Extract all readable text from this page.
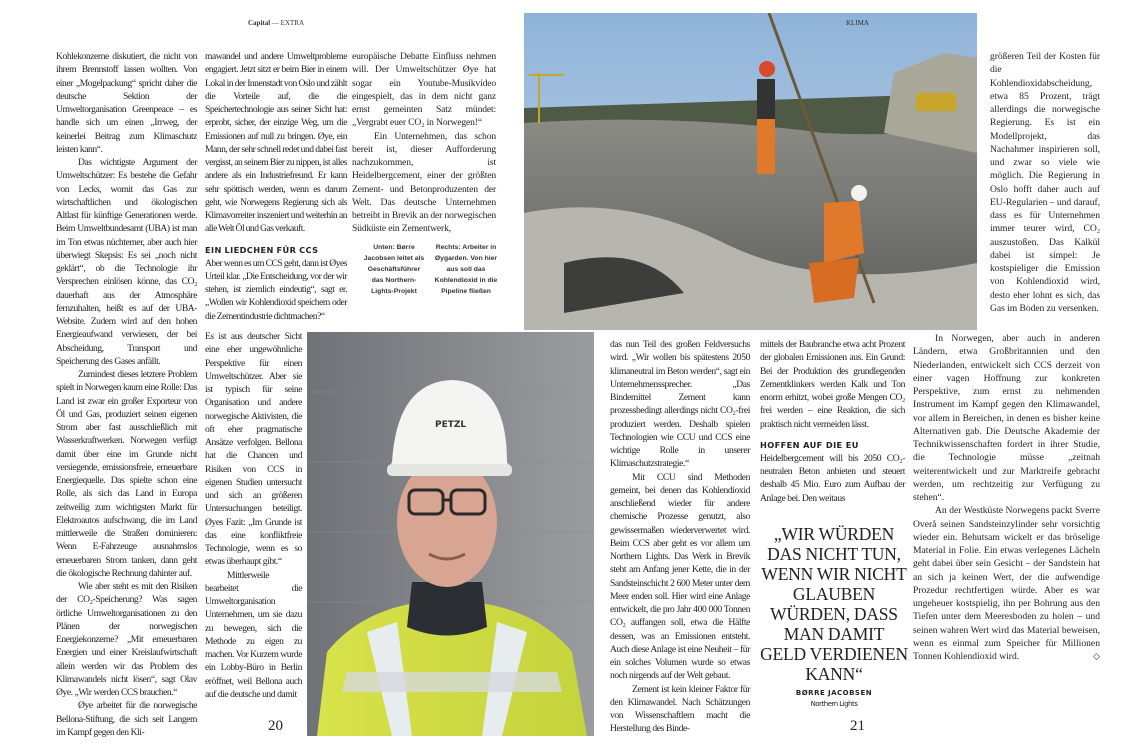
Capital — EXTRA	KLIMA

Kohlekonzerne diskutiert, die nicht von ihrem Brennstoff lassen wollten. Von einer „Mogelpackung“ spricht daher die deutsche Sektion der Umweltorganisation Greenpeace – es handle sich um einen „Irrweg, der keinerlei Beitrag zum Klimaschutz leisten kann“.

Das wichtigste Argument der Umweltschützer: Es bestehe die Gefahr von Lecks, womit das Gas zur wirtschaftlichen und ökologischen Altlast für künftige Generationen werde. Beim Umweltbundesamt (UBA) ist man im Ton etwas nüchterner, aber auch hier überwiegt Skepsis: Es sei „noch nicht geklärt“, ob die Technologie ihr Versprechen einlösen könne, das CO₂ dauerhaft aus der Atmosphäre fernzuhalten, heißt es auf der UBA-Website. Zudem wird auf den hohen Energieaufwand verwiesen, der bei Abscheidung, Transport und Speicherung des Gases anfällt.

Zumindest dieses letztere Problem spielt in Norwegen kaum eine Rolle: Das Land ist zwar ein großer Exporteur von Öl und Gas, produziert seinen eigenen Strom aber fast ausschließlich mit Wasserkraftwerken. Norwegen verfügt damit über eine im Grunde nicht versiegende, emissionsfreie, erneuerbare Energiequelle. Das spielte schon eine Rolle, als sich das Land in Europa zeitweilig zum wichtigsten Markt für Elektroautos aufschwang, die im Land mittlerweile die Straßen dominieren: Wenn E-Fahrzeuge ausnahmslos erneuerbaren Strom tanken, dann geht die ökologische Rechnung dahinter auf.

Wie aber steht es mit den Risiken der CO₂-Speicherung? Was sagen örtliche Umweltorganisationen zu den Plänen der norwegischen Energiekonzerne? „Mit erneuerbaren Energien und einer Kreislaufwirtschaft allein werden wir das Problem des Klimawandels nicht lösen“, sagt Olav Øye. „Wir werden CCS brauchen.“

Øye arbeitet für die norwegische Bellona-Stiftung, die sich seit Langem im Kampf gegen den Kli-

mawandel und andere Umweltprobleme engagiert. Jetzt sitzt er beim Bier in einem Lokal in der Innenstadt von Oslo und zählt die Vorteile auf, die die Speichertechnologie aus seiner Sicht hat: erprobt, sicher, der einzige Weg, um die Emissionen auf null zu bringen. Øye, ein Mann, der sehr schnell redet und dabei fast vergisst, an seinem Bier zu nippen, ist alles andere als ein Industriefreund. Er kann sehr spöttisch werden, wenn es darum geht, wie Norwegens Regierung sich als Klimavorreiter inszeniert und weiterhin an alle Welt Öl und Gas verkauft.

EIN LIEDCHEN FÜR CCS

Aber wenn es um CCS geht, dann ist Øyes Urteil klar. „Die Entscheidung, vor der wir stehen, ist ziemlich eindeutig“, sagt er. „Wollen wir Kohlendioxid speichern oder die Zementindustrie dichtmachen?“

Es ist aus deutscher Sicht eine eher ungewöhnliche Perspektive für einen Umweltschützer. Aber sie ist typisch für seine Organisation und andere norwegische Aktivisten, die oft eher pragmatische Ansätze verfolgen. Bellona hat die Chancen und Risiken von CCS in eigenen Studien untersucht und sich an größeren Untersuchungen beteiligt. Øyes Fazit: „Im Grunde ist das eine konfliktfreie Technologie, wenn es so etwas überhaupt gibt.“

Mittlerweile bearbeitet die Umweltorganisation Unternehmen, um sie dazu zu bewegen, sich die Methode zu eigen zu machen. Vor Kurzem wurde ein Lobby-Büro in Berlin eröffnet, weil Bellona auch auf die deutsche und damit

europäische Debatte Einfluss nehmen will. Der Umweltschützer Øye hat sogar ein Youtube-Musikvideo eingespielt, das in dem nicht ganz ernst gemeinten Satz mündet: „Vergrabt euer CO₂ in Norwegen!“

Ein Unternehmen, das schon bereit ist, dieser Aufforderung nachzukommen, ist Heidelbergcement, einer der größten Zement- und Betonproduzenten der Welt. Das deutsche Unternehmen betreibt in Brevik an der norwegischen Südküste ein Zementwerk,

Unten: Børre Jacobsen leitet als Geschäftsführer das Northern-Lights-Projekt
Rechts: Arbeiter in Øygarden. Von hier aus soll das Kohlendioxid in die Pipeline fließen
PETZL
20

das nun Teil des großen Feldversuchs wird. „Wir wollen bis spätestens 2050 klimaneutral im Beton werden“, sagt ein Unternehmenssprecher. „Das Bindemittel Zement kann prozessbedingt allerdings nicht CO₂-frei produziert werden. Deshalb spielen Technologien wie CCU und CCS eine wichtige Rolle in unserer Klimaschutzstrategie.“

Mit CCU sind Methoden gemeint, bei denen das Kohlendioxid anschließend wieder für andere chemische Prozesse genutzt, also gewissermaßen wiederverwertet wird. Beim CCS aber geht es vor allem um Northern Lights. Das Werk in Brevik steht am Anfang jener Kette, die in der Sandsteinschicht 2 600 Meter unter dem Meer enden soll. Hier wird eine Anlage entwickelt, die pro Jahr 400 000 Tonnen CO₂ auffangen soll, etwa die Hälfte dessen, was an Emissionen entsteht. Auch diese Anlage ist eine Neuheit – für ein solches Volumen wurde so etwas noch nirgends auf der Welt gebaut.

Zement ist kein kleiner Faktor für den Klimawandel. Nach Schätzungen von Wissenschaftlern macht die Herstellung des Binde-

mittels der Baubranche etwa acht Prozent der globalen Emissionen aus. Ein Grund: Bei der Produktion des grundlegenden Zementklinkers werden Kalk und Ton enorm erhitzt, wobei große Mengen CO₂ frei werden – eine Reaktion, die sich praktisch nicht vermeiden lässt.

HOFFEN AUF DIE EU

Heidelbergcement will bis 2050 CO₂-neutralen Beton anbieten und steuert deshalb 45 Mio. Euro zum Aufbau der Anlage bei. Den weitaus

„WIR WÜRDEN DAS NICHT TUN, WENN WIR NICHT GLAUBEN WÜRDEN, DASS MAN DAMIT GELD VERDIENEN KANN“
BØRRE JACOBSEN
Northern Lights

größeren Teil der Kosten für die Kohlendioxidabscheidung, etwa 85 Prozent, trägt allerdings die norwegische Regierung. Es ist ein Modellprojekt, das Nachahmer inspirieren soll, und zwar so viele wie möglich. Die Regierung in Oslo hofft daher auch auf EU-Regularien – und darauf, dass es für Unternehmen immer teurer wird, CO₂ auszustoßen. Das Kalkül dabei ist simpel: Je kostspieliger die Emission von Kohlendioxid wird, desto eher lohnt es sich, das Gas im Boden zu versenken.

In Norwegen, aber auch in anderen Ländern, etwa Großbritannien und den Niederlanden, entwickelt sich CCS derzeit von einer vagen Hoffnung zur konkreten Perspektive, zum ernst zu nehmenden Instrument im Kampf gegen den Klimawandel, vor allem in Bereichen, in denen es bisher keine Alternativen gab. Die Deutsche Akademie der Technikwissenschaften fordert in ihrer Studie, die Technologie müsse „zeitnah weiterentwickelt und zur Marktreife gebracht werden, um rechtzeitig zur Verfügung zu stehen“.

An der Westküste Norwegens packt Sverre Overå seinen Sandsteinzylinder sehr vorsichtig wieder ein. Behutsam wickelt er das bröselige Material in Folie. Ein etwas verlegenes Lächeln geht dabei über sein Gesicht – der Sandstein hat an sich ja keinen Wert, der die aufwendige Prozedur rechtfertigen würde. Aber es war ungeheuer kostspielig, ihn per Bohrung aus den Tiefen unter dem Meeresboden zu holen – und seinen wahren Wert wird das Material beweisen, wenn es einmal zum Speicher für Millionen Tonnen Kohlendioxid wird.	◇

21
